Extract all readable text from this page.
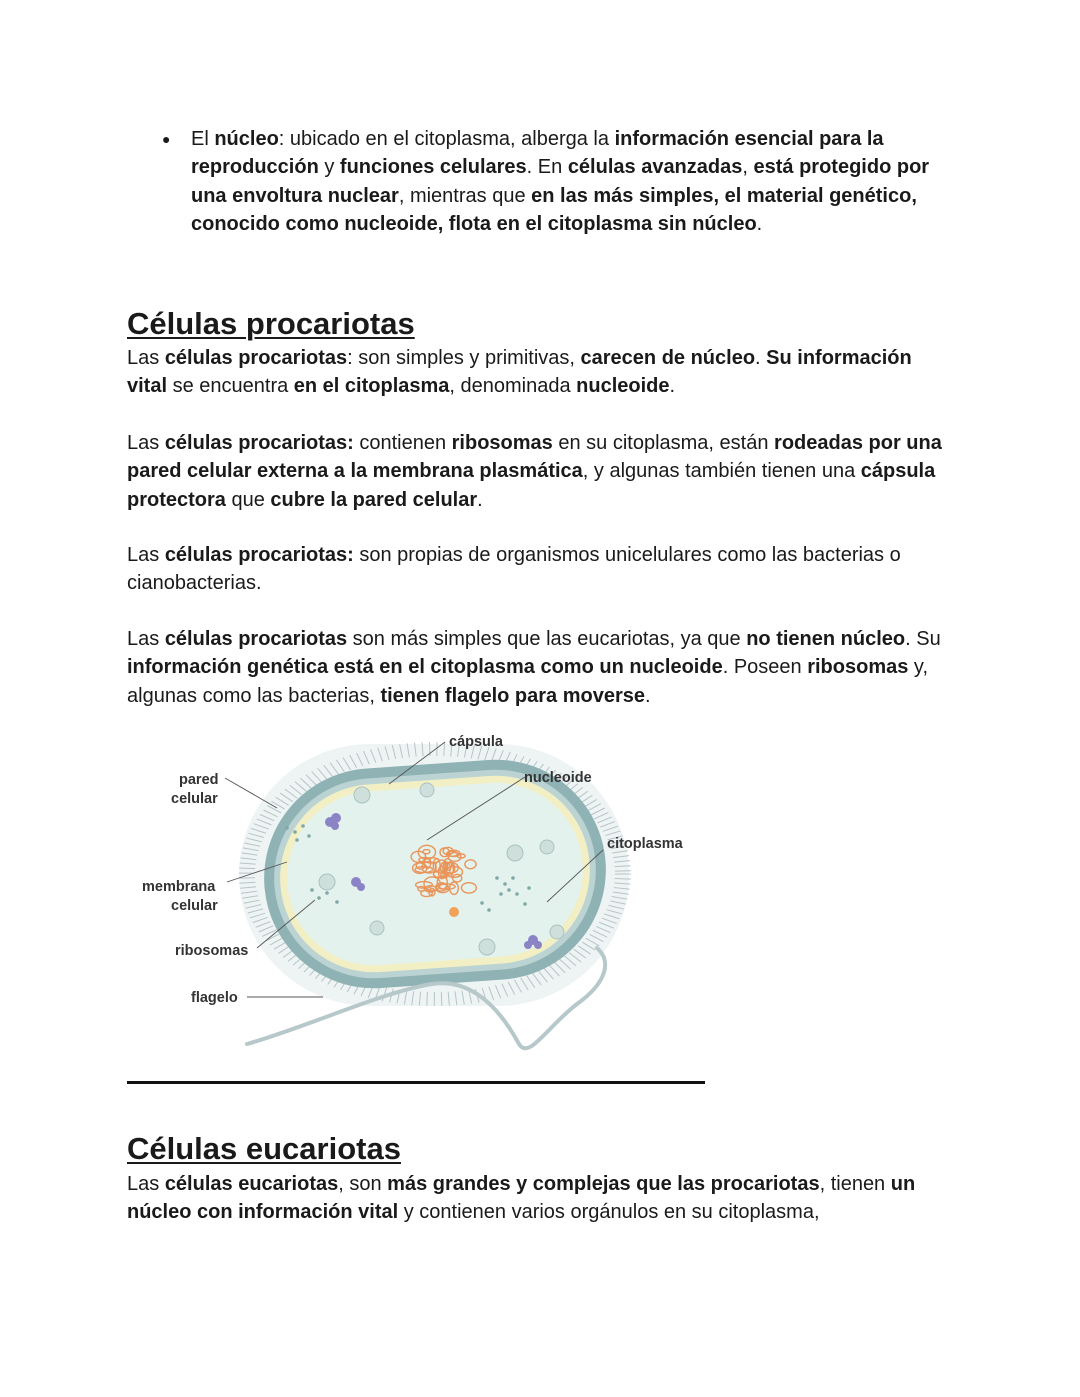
● El núcleo: ubicado en el citoplasma, alberga la información esencial para la reproducción y funciones celulares. En células avanzadas, está protegido por una envoltura nuclear, mientras que en las más simples, el material genético, conocido como nucleoide, flota en el citoplasma sin núcleo.

Células procariotas

Las células procariotas: son simples y primitivas, carecen de núcleo. Su información vital se encuentra en el citoplasma, denominada nucleoide.

Las células procariotas: contienen ribosomas en su citoplasma, están rodeadas por una pared celular externa a la membrana plasmática, y algunas también tienen una cápsula protectora que cubre la pared celular.

Las células procariotas: son propias de organismos unicelulares como las bacterias o cianobacterias.

Las células procariotas son más simples que las eucariotas, ya que no tienen núcleo. Su información genética está en el citoplasma como un nucleoide. Poseen ribosomas y, algunas como las bacterias, tienen flagelo para moverse.

cápsula
nucleoide
pared
celular
citoplasma
membrana
celular
ribosomas
flagelo
Células eucariotas

Las células eucariotas, son más grandes y complejas que las procariotas, tienen un núcleo con información vital y contienen varios orgánulos en su citoplasma,
